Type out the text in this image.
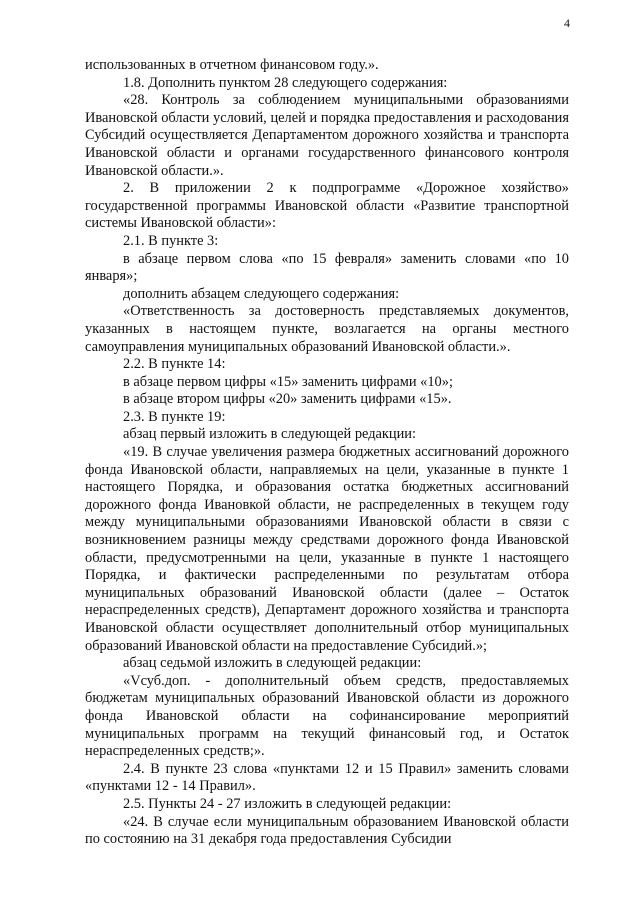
4

использованных в отчетном финансовом году.».

1.8. Дополнить пунктом 28 следующего содержания:

«28. Контроль за соблюдением муниципальными образованиями Ивановской области условий, целей и порядка предоставления и расходования Субсидий осуществляется Департаментом дорожного хозяйства и транспорта Ивановской области и органами государственного финансового контроля Ивановской области.».

2. В приложении 2 к подпрограмме «Дорожное хозяйство» государственной программы Ивановской области «Развитие транспортной системы Ивановской области»:

2.1. В пункте 3:

в абзаце первом слова «по 15 февраля» заменить словами «по 10 января»;

дополнить абзацем следующего содержания:

«Ответственность за достоверность представляемых документов, указанных в настоящем пункте, возлагается на органы местного самоуправления муниципальных образований Ивановской области.».

2.2. В пункте 14:

в абзаце первом цифры «15» заменить цифрами «10»;

в абзаце втором цифры «20» заменить цифрами «15».

2.3. В пункте 19:

абзац первый изложить в следующей редакции:

«19. В случае увеличения размера бюджетных ассигнований дорожного фонда Ивановской области, направляемых на цели, указанные в пункте 1 настоящего Порядка, и образования остатка бюджетных ассигнований дорожного фонда Ивановкой области, не распределенных в текущем году между муниципальными образованиями Ивановской области в связи с возникновением разницы между средствами дорожного фонда Ивановской области, предусмотренными на цели, указанные в пункте 1 настоящего Порядка, и фактически распределенными по результатам отбора муниципальных образований Ивановской области (далее – Остаток нераспределенных средств), Департамент дорожного хозяйства и транспорта Ивановской области осуществляет дополнительный отбор муниципальных образований Ивановской области на предоставление Субсидий.»;

абзац седьмой изложить в следующей редакции:

«Vсуб.доп. - дополнительный объем средств, предоставляемых бюджетам муниципальных образований Ивановской области из дорожного фонда Ивановской области на софинансирование мероприятий муниципальных программ на текущий финансовый год, и Остаток нераспределенных средств;».

2.4. В пункте 23 слова «пунктами 12 и 15 Правил» заменить словами «пунктами 12 - 14 Правил».

2.5. Пункты 24 - 27 изложить в следующей редакции:

«24. В случае если муниципальным образованием Ивановской области по состоянию на 31 декабря года предоставления Субсидии
